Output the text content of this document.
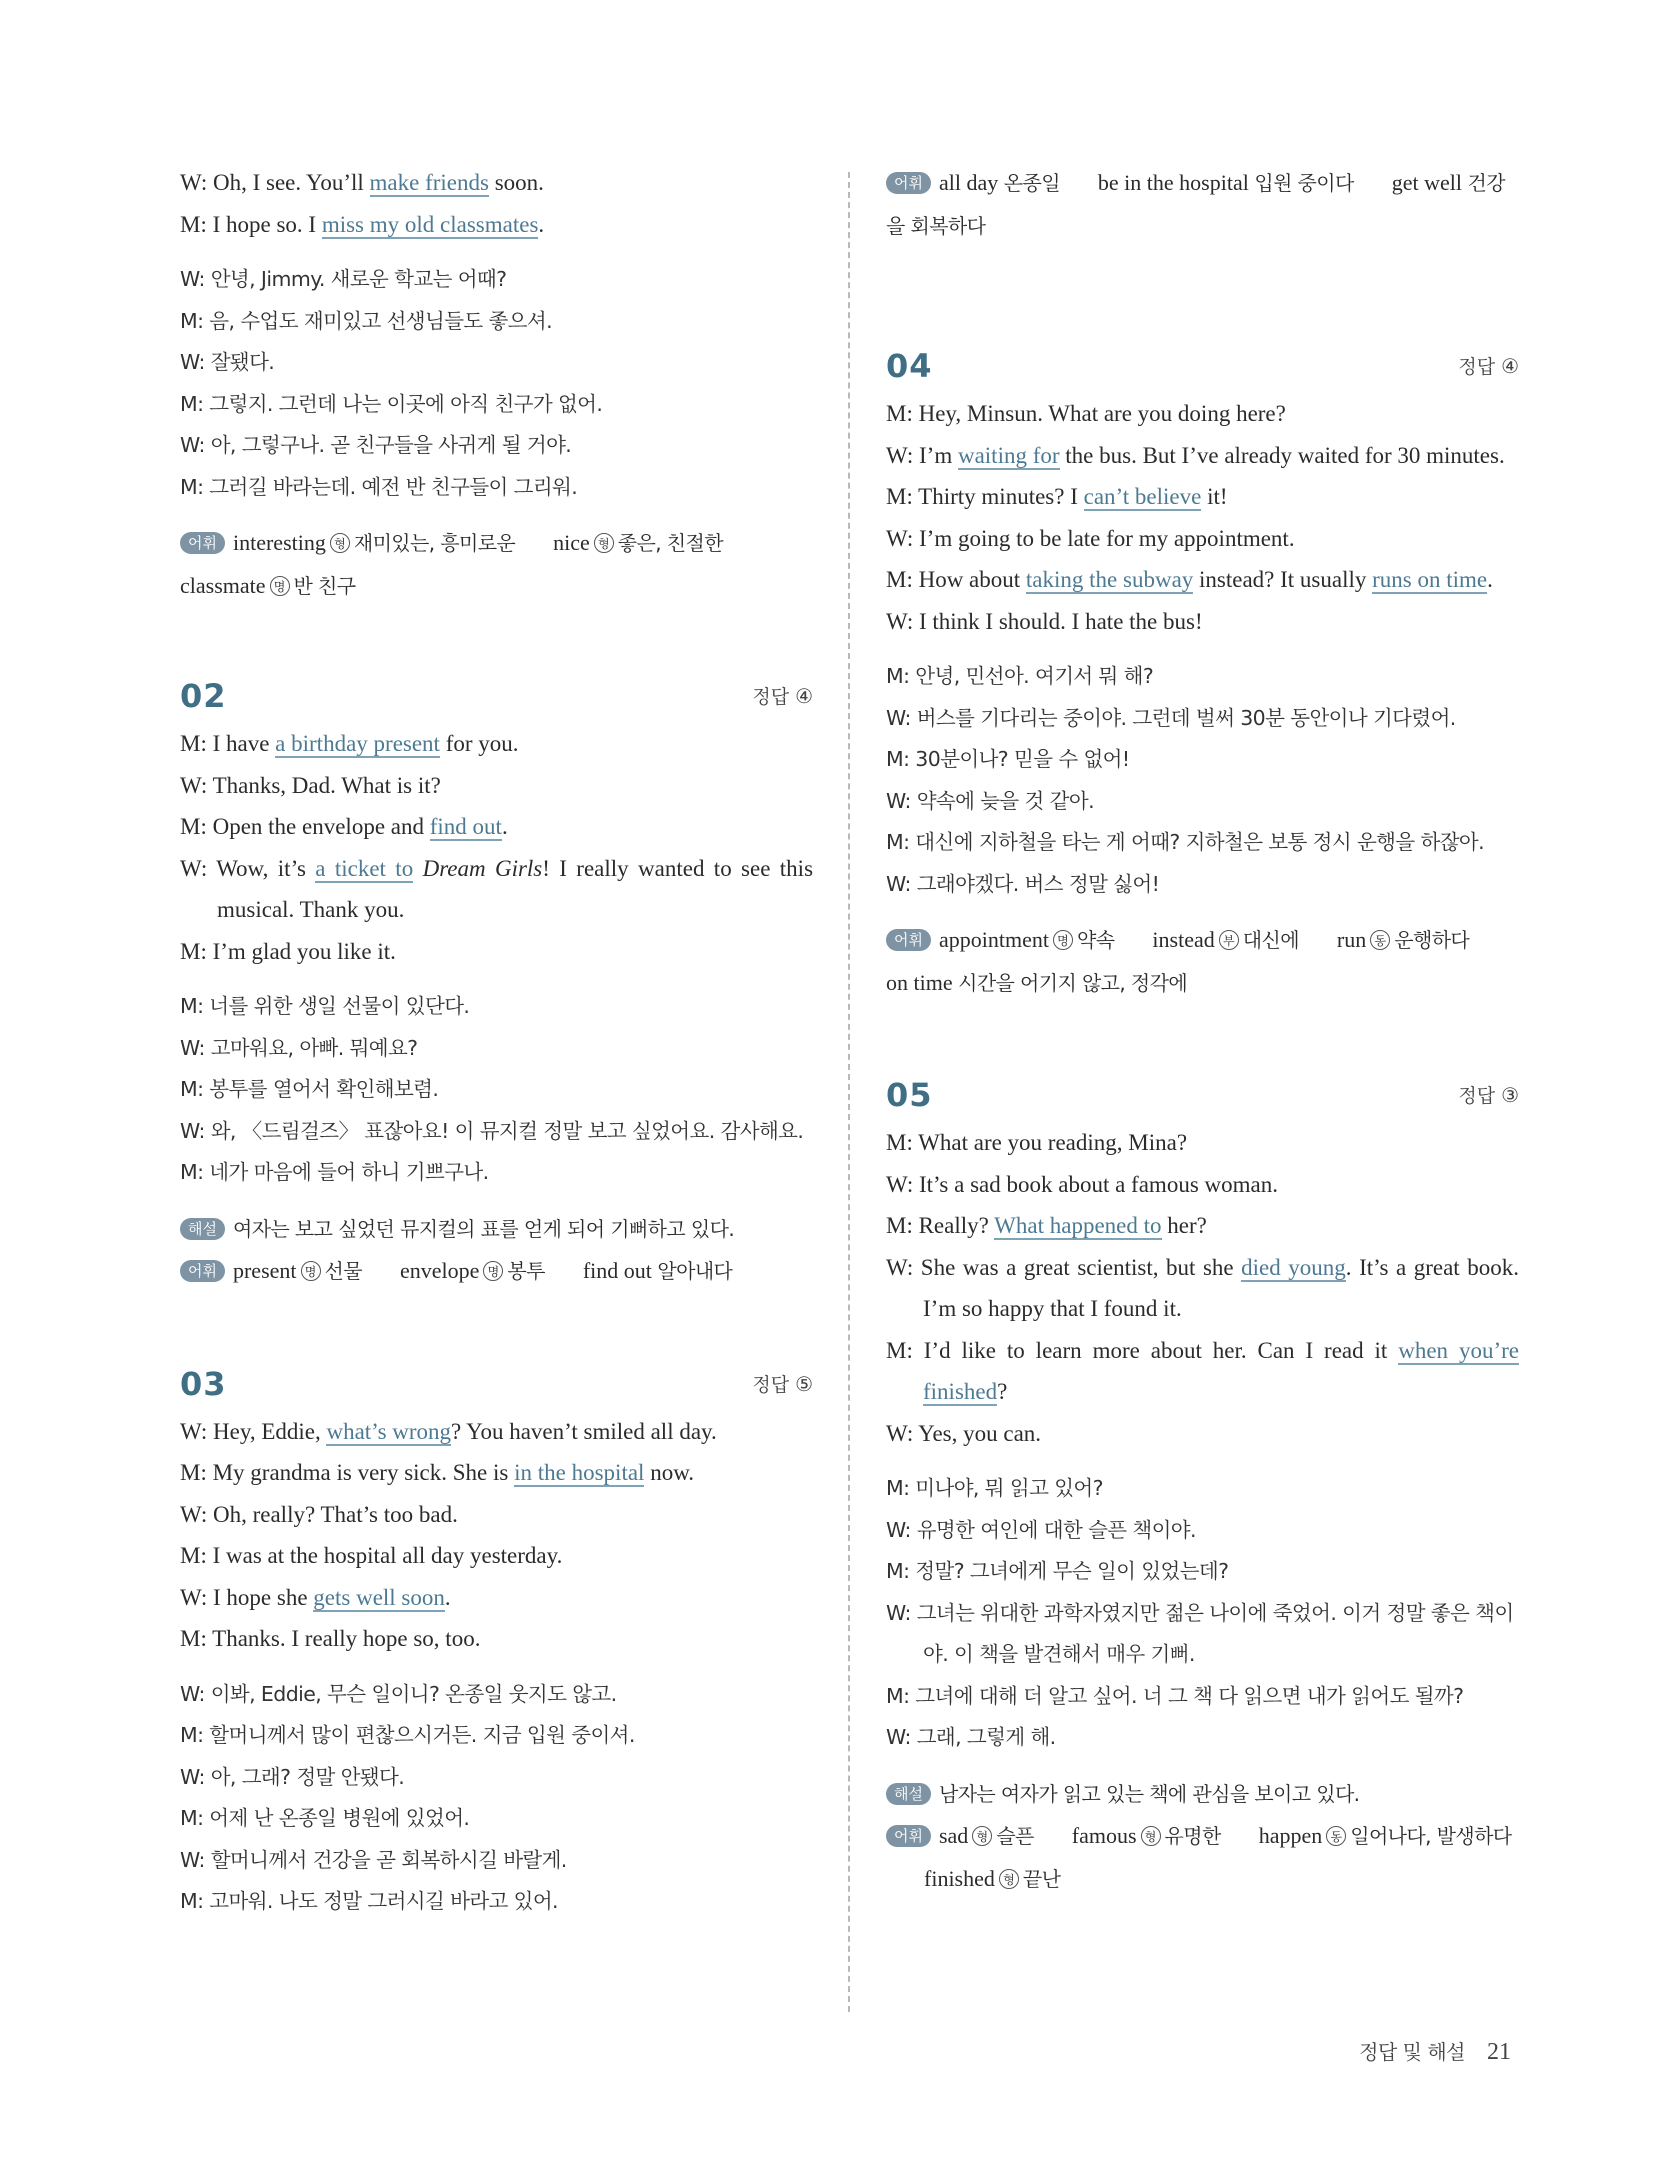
W: Oh, I see. You’ll make friends soon.
M: I hope so. I miss my old classmates.
W: 안녕, Jimmy. 새로운 학교는 어때?
M: 음, 수업도 재미있고 선생님들도 좋으셔.
W: 잘됐다.
M: 그렇지. 그런데 나는 이곳에 아직 친구가 없어.
W: 아, 그렇구나. 곧 친구들을 사귀게 될 거야.
M: 그러길 바라는데. 예전 반 친구들이 그리워.
어휘 interesting 형 재미있는, 흥미로운 nice 형 좋은, 친절한classmate 명 반 친구
02	정답 ④
M: I have a birthday present for you.
W: Thanks, Dad. What is it?
M: Open the envelope and find out.
W: Wow, it’s a ticket to Dream Girls! I really wanted to see this musical. Thank you.
M: I’m glad you like it.
M: 너를 위한 생일 선물이 있단다.
W: 고마워요, 아빠. 뭐예요?
M: 봉투를 열어서 확인해보렴.
W: 와, 〈드림걸즈〉 표잖아요! 이 뮤지컬 정말 보고 싶었어요. 감사해요.
M: 네가 마음에 들어 하니 기쁘구나.
해설 여자는 보고 싶었던 뮤지컬의 표를 얻게 되어 기뻐하고 있다.
어휘 present 명 선물 envelope 명 봉투 find out 알아내다
03	정답 ⑤
W: Hey, Eddie, what’s wrong? You haven’t smiled all day.
M: My grandma is very sick. She is in the hospital now.
W: Oh, really? That’s too bad.
M: I was at the hospital all day yesterday.
W: I hope she gets well soon.
M: Thanks. I really hope so, too.
W: 이봐, Eddie, 무슨 일이니? 온종일 웃지도 않고.
M: 할머니께서 많이 편찮으시거든. 지금 입원 중이셔.
W: 아, 그래? 정말 안됐다.
M: 어제 난 온종일 병원에 있었어.
W: 할머니께서 건강을 곧 회복하시길 바랄게.
M: 고마워. 나도 정말 그러시길 바라고 있어.
어휘 all day 온종일 be in the hospital 입원 중이다 get well 건강을 회복하다
04	정답 ④
M: Hey, Minsun. What are you doing here?
W: I’m waiting for the bus. But I’ve already waited for 30 minutes.
M: Thirty minutes? I can’t believe it!
W: I’m going to be late for my appointment.
M: How about taking the subway instead? It usually runs on time.
W: I think I should. I hate the bus!
M: 안녕, 민선아. 여기서 뭐 해?
W: 버스를 기다리는 중이야. 그런데 벌써 30분 동안이나 기다렸어.
M: 30분이나? 믿을 수 없어!
W: 약속에 늦을 것 같아.
M: 대신에 지하철을 타는 게 어때? 지하철은 보통 정시 운행을 하잖아.
W: 그래야겠다. 버스 정말 싫어!
어휘 appointment 명 약속 instead 부 대신에 run 동 운행하다on time 시간을 어기지 않고, 정각에
05	정답 ③
M: What are you reading, Mina?
W: It’s a sad book about a famous woman.
M: Really? What happened to her?
W: She was a great scientist, but she died young. It’s a great book. I’m so happy that I found it.
M: I’d like to learn more about her. Can I read it when you’re finished?
W: Yes, you can.
M: 미나야, 뭐 읽고 있어?
W: 유명한 여인에 대한 슬픈 책이야.
M: 정말? 그녀에게 무슨 일이 있었는데?
W: 그녀는 위대한 과학자였지만 젊은 나이에 죽었어. 이거 정말 좋은 책이야. 이 책을 발견해서 매우 기뻐.
M: 그녀에 대해 더 알고 싶어. 너 그 책 다 읽으면 내가 읽어도 될까?
W: 그래, 그렇게 해.
해설 남자는 여자가 읽고 있는 책에 관심을 보이고 있다.
어휘 sad 형 슬픈 famous 형 유명한 happen 동 일어나다, 발생하다finished 형 끝난
정답 및 해설 21
